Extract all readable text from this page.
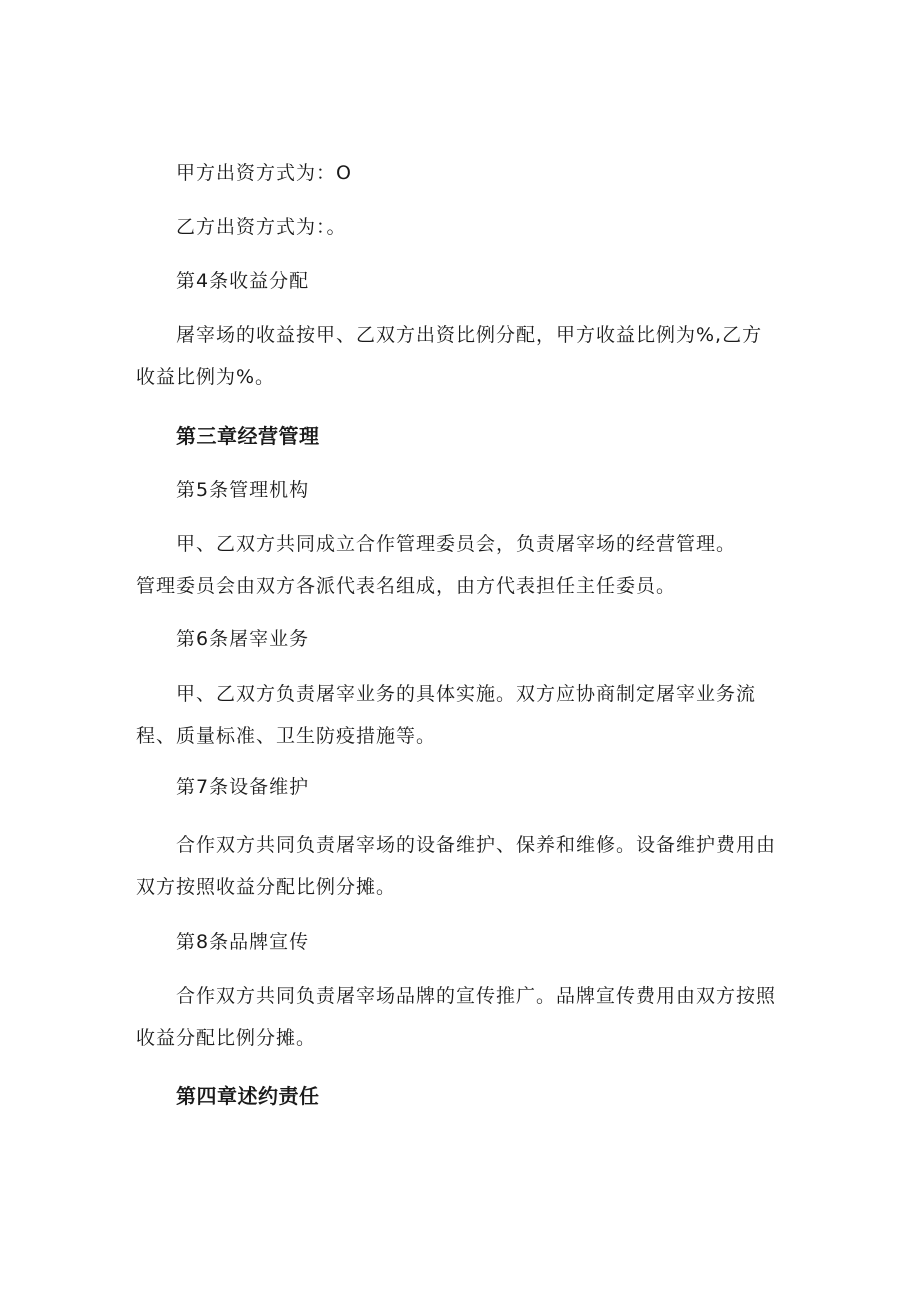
甲方出资方式为：O
乙方出资方式为：。
第4条收益分配
屠宰场的收益按甲、乙双方出资比例分配，甲方收益比例为%,乙方
收益比例为%。
第三章经营管理
第5条管理机构
甲、乙双方共同成立合作管理委员会，负责屠宰场的经营管理。
管理委员会由双方各派代表名组成，由方代表担任主任委员。
第6条屠宰业务
甲、乙双方负责屠宰业务的具体实施。双方应协商制定屠宰业务流
程、质量标准、卫生防疫措施等。
第7条设备维护
合作双方共同负责屠宰场的设备维护、保养和维修。设备维护费用由
双方按照收益分配比例分摊。
第8条品牌宣传
合作双方共同负责屠宰场品牌的宣传推广。品牌宣传费用由双方按照
收益分配比例分摊。
第四章述约责任
